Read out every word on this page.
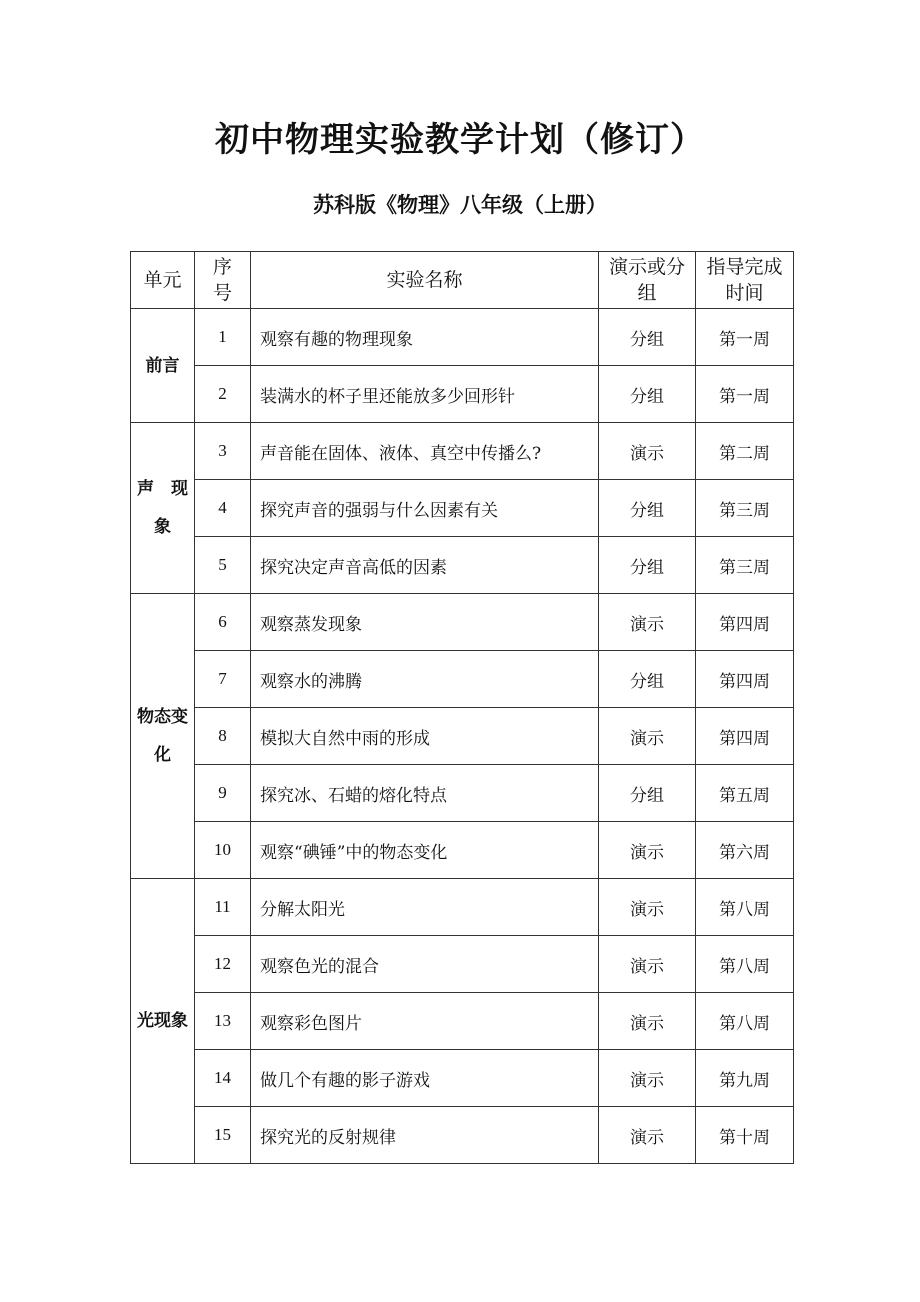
初中物理实验教学计划（修订）
苏科版《物理》八年级（上册）
单元	序号	实验名称	演示或分组	指导完成时间

前言	1	观察有趣的物理现象	分组	第一周
	2	装满水的杯子里还能放多少回形针	分组	第一周
声　现象	3	声音能在固体、液体、真空中传播么?	演示	第二周
	4	探究声音的强弱与什么因素有关	分组	第三周
	5	探究决定声音高低的因素	分组	第三周
物态变化	6	观察蒸发现象	演示	第四周
	7	观察水的沸腾	分组	第四周
	8	模拟大自然中雨的形成	演示	第四周
	9	探究冰、石蜡的熔化特点	分组	第五周
	10	观察“碘锤”中的物态变化	演示	第六周
光现象	11	分解太阳光	演示	第八周
	12	观察色光的混合	演示	第八周
	13	观察彩色图片	演示	第八周
	14	做几个有趣的影子游戏	演示	第九周
	15	探究光的反射规律	演示	第十周
